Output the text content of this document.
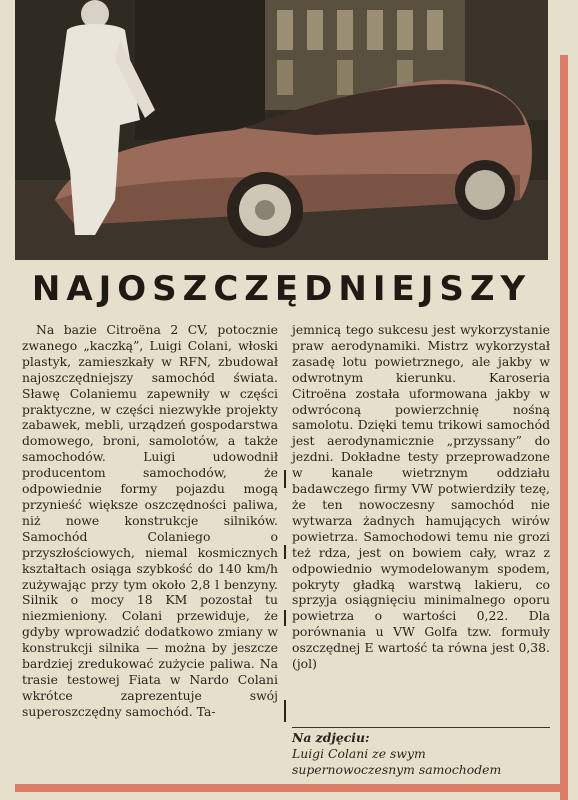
NAJOSZCZĘDNIEJSZY

Na bazie Citroëna 2 CV, potocznie zwanego „kaczką”, Luigi Colani, włoski plastyk, zamieszkały w RFN, zbudował najoszczędniejszy samochód świata. Sławę Colaniemu zapewniły w części praktyczne, w części niezwykłe projekty zabawek, mebli, urządzeń gospodarstwa domowego, broni, samolotów, a także samochodów. Luigi udowodnił producentom samochodów, że odpowiednie formy pojazdu mogą przynieść większe oszczędności paliwa, niż nowe konstrukcje silników. Samochód Colaniego o przyszłościowych, niemal kosmicznych kształtach osiąga szybkość do 140 km/h zużywając przy tym około 2,8 l benzyny. Silnik o mocy 18 KM pozostał tu niezmieniony. Colani przewiduje, że gdyby wprowadzić dodatkowo zmiany w konstrukcji silnika — można by jeszcze bardziej zredukować zużycie paliwa. Na trasie testowej Fiata w Nardo Colani wkrótce zaprezentuje swój superoszczędny samochód. Ta-

jemnicą tego sukcesu jest wykorzystanie praw aerodynamiki. Mistrz wykorzystał zasadę lotu powietrznego, ale jakby w odwrotnym kierunku. Karoseria Citroëna została uformowana jakby w odwróconą powierzchnię nośną samolotu. Dzięki temu trikowi samochód jest aerodynamicznie „przyssany” do jezdni. Dokładne testy przeprowadzone w kanale wietrznym oddziału badawczego firmy VW potwierdziły tezę, że ten nowoczesny samochód nie wytwarza żadnych hamujących wirów powietrza. Samochodowi temu nie grozi też rdza, jest on bowiem cały, wraz z odpowiednio wymodelowanym spodem, pokryty gładką warstwą lakieru, co sprzyja osiągnięciu minimalnego oporu powietrza o wartości 0,22. Dla porównania u VW Golfa tzw. formuły oszczędnej E wartość ta równa jest 0,38. (jol)

Na zdjęciu:
Luigi Colani ze swym supernowoczesnym samochodem
